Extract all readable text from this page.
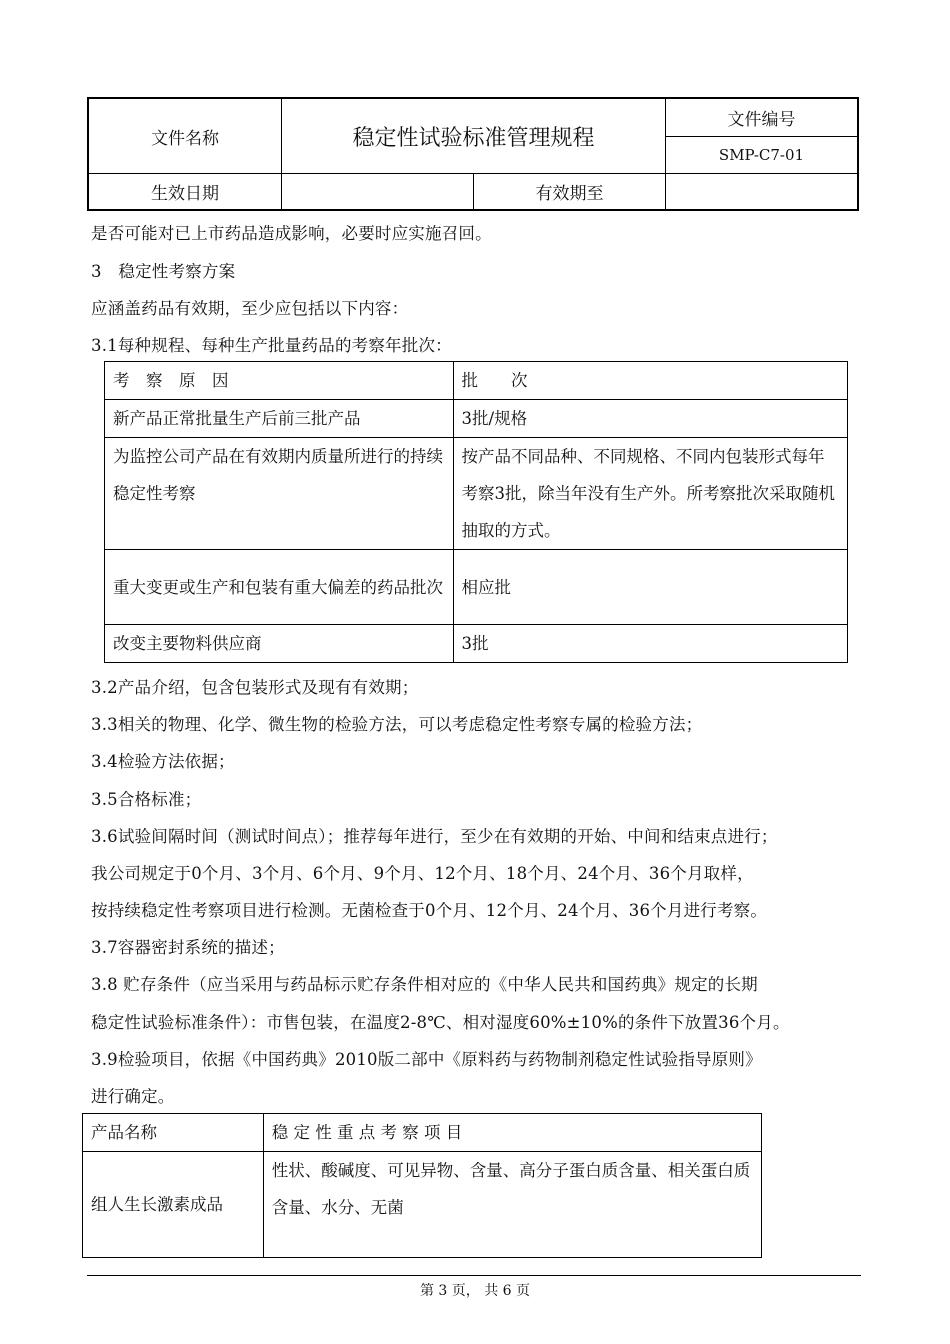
文件名称	稳定性试验标准管理规程
文件编号
SMP-C7-01
生效日期	有效期至
是否可能对已上市药品造成影响，必要时应实施召回。
3　稳定性考察方案
应涵盖药品有效期，至少应包括以下内容：
3.1每种规程、每种生产批量药品的考察年批次：
考　察　原　因	批　　次
新产品正常批量生产后前三批产品	3批/规格
为监控公司产品在有效期内质量所进行的持续稳定性考察	按产品不同品种、不同规格、不同内包装形式每年考察3批，除当年没有生产外。所考察批次采取随机抽取的方式。
重大变更或生产和包装有重大偏差的药品批次	相应批
改变主要物料供应商	3批
3.2产品介绍，包含包装形式及现有有效期；
3.3相关的物理、化学、微生物的检验方法，可以考虑稳定性考察专属的检验方法；
3.4检验方法依据；
3.5合格标准；
3.6试验间隔时间（测试时间点）；推荐每年进行，至少在有效期的开始、中间和结束点进行；
我公司规定于0个月、3个月、6个月、9个月、12个月、18个月、24个月、36个月取样，
按持续稳定性考察项目进行检测。无菌检查于0个月、12个月、24个月、36个月进行考察。
3.7容器密封系统的描述；
3.8 贮存条件（应当采用与药品标示贮存条件相对应的《中华人民共和国药典》规定的长期
稳定性试验标准条件）：市售包装，在温度2-8℃、相对湿度60%±10%的条件下放置36个月。
3.9检验项目，依据《中国药典》2010版二部中《原料药与药物制剂稳定性试验指导原则》
进行确定。
产品名称	稳 定 性 重 点 考 察 项 目
组人生长激素成品	性状、酸碱度、可见异物、含量、高分子蛋白质含量、相关蛋白质含量、水分、无菌
第 3 页， 共 6 页
